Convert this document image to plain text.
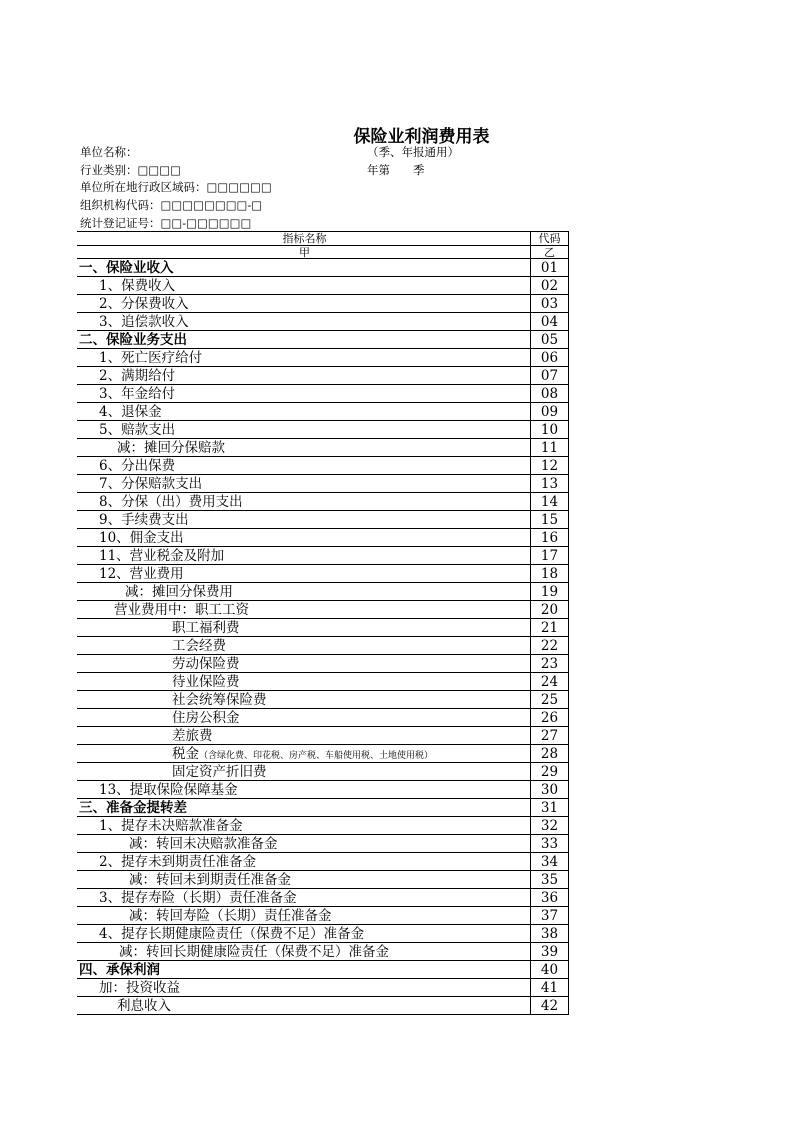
保险业利润费用表
单位名称：	（季、年报通用）
行业类别：□□□□	年第　　季
单位所在地行政区域码：□□□□□□
组织机构代码：□□□□□□□□-□
统计登记证号：□□-□□□□□□
指标名称	代码
甲	乙
一、保险业收入	01
1、保费收入	02
2、分保费收入	03
3、追偿款收入	04
二、保险业务支出	05
1、死亡医疗给付	06
2、满期给付	07
3、年金给付	08
4、退保金	09
5、赔款支出	10
减：摊回分保赔款	11
6、分出保费	12
7、分保赔款支出	13
8、分保（出）费用支出	14
9、手续费支出	15
10、佣金支出	16
11、营业税金及附加	17
12、营业费用	18
减：摊回分保费用	19
营业费用中：职工工资	20
职工福利费	21
工会经费	22
劳动保险费	23
待业保险费	24
社会统筹保险费	25
住房公积金	26
差旅费	27
税金（含绿化费、印花税、房产税、车船使用税、土地使用税）	28
固定资产折旧费	29
13、提取保险保障基金	30
三、准备金提转差	31
1、提存未决赔款准备金	32
减：转回未决赔款准备金	33
2、提存未到期责任准备金	34
减：转回未到期责任准备金	35
3、提存寿险（长期）责任准备金	36
减：转回寿险（长期）责任准备金	37
4、提存长期健康险责任（保费不足）准备金	38
减：转回长期健康险责任（保费不足）准备金	39
四、承保利润	40
加：投资收益	41
利息收入	42
